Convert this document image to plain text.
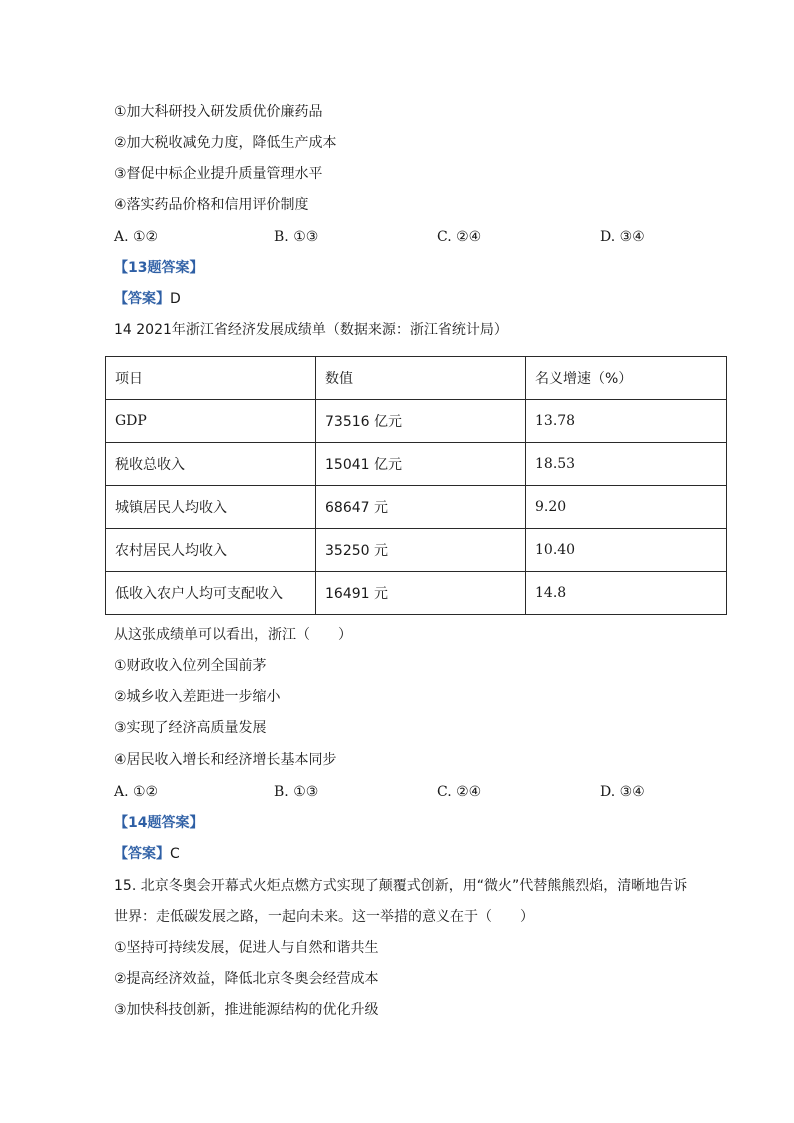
①加大科研投入研发质优价廉药品
②加大税收减免力度，降低生产成本
③督促中标企业提升质量管理水平
④落实药品价格和信用评价制度
A. ①②	B. ①③	C. ②④	D. ③④
【13题答案】
【答案】D
14 2021年浙江省经济发展成绩单（数据来源：浙江省统计局）
项日	数值	名义增速（%）
GDP	73516 亿元	13.78
税收总收入	15041 亿元	18.53
城镇居民人均收入	68647 元	9.20
农村居民人均收入	35250 元	10.40
低收入农户人均可支配收入	16491 元	14.8
从这张成绩单可以看出，浙江（　　）
①财政收入位列全国前茅
②城乡收入差距进一步缩小
③实现了经济高质量发展
④居民收入增长和经济增长基本同步
A. ①②	B. ①③	C. ②④	D. ③④
【14题答案】
【答案】C
15. 北京冬奥会开幕式火炬点燃方式实现了颠覆式创新，用“微火”代替熊熊烈焰，清晰地告诉
世界：走低碳发展之路，一起向未来。这一举措的意义在于（　　）
①坚持可持续发展，促进人与自然和谐共生
②提高经济效益，降低北京冬奥会经营成本
③加快科技创新，推进能源结构的优化升级
